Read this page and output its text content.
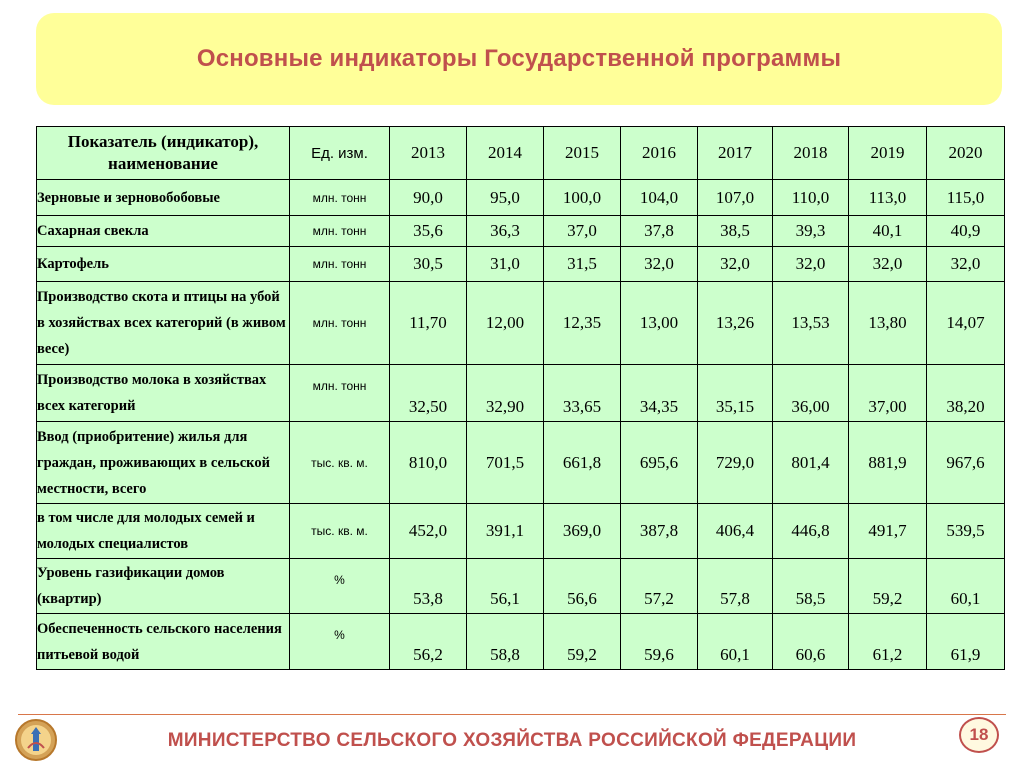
Основные индикаторы Государственной программы
Показатель (индикатор), наименование	Ед. изм.	2013	2014	2015	2016	2017	2018	2019	2020
Зерновые и зерновобобовые	млн. тонн	90,0	95,0	100,0	104,0	107,0	110,0	113,0	115,0
Сахарная свекла	млн. тонн	35,6	36,3	37,0	37,8	38,5	39,3	40,1	40,9
Картофель	млн. тонн	30,5	31,0	31,5	32,0	32,0	32,0	32,0	32,0
Производство скота и птицы на убой в хозяйствах всех категорий (в живом весе)	млн. тонн	11,70	12,00	12,35	13,00	13,26	13,53	13,80	14,07
Производство молока в хозяйствах всех категорий	млн. тонн	32,50	32,90	33,65	34,35	35,15	36,00	37,00	38,20
Ввод (приобритение) жилья для граждан, проживающих в сельской местности, всего	тыс. кв. м.	810,0	701,5	661,8	695,6	729,0	801,4	881,9	967,6
в том числе для молодых семей и молодых специалистов	тыс. кв. м.	452,0	391,1	369,0	387,8	406,4	446,8	491,7	539,5
Уровень газификации домов (квартир)	%	53,8	56,1	56,6	57,2	57,8	58,5	59,2	60,1
Обеспеченность сельского населения питьевой водой	%	56,2	58,8	59,2	59,6	60,1	60,6	61,2	61,9
МИНИСТЕРСТВО СЕЛЬСКОГО ХОЗЯЙСТВА РОССИЙСКОЙ ФЕДЕРАЦИИ	18
